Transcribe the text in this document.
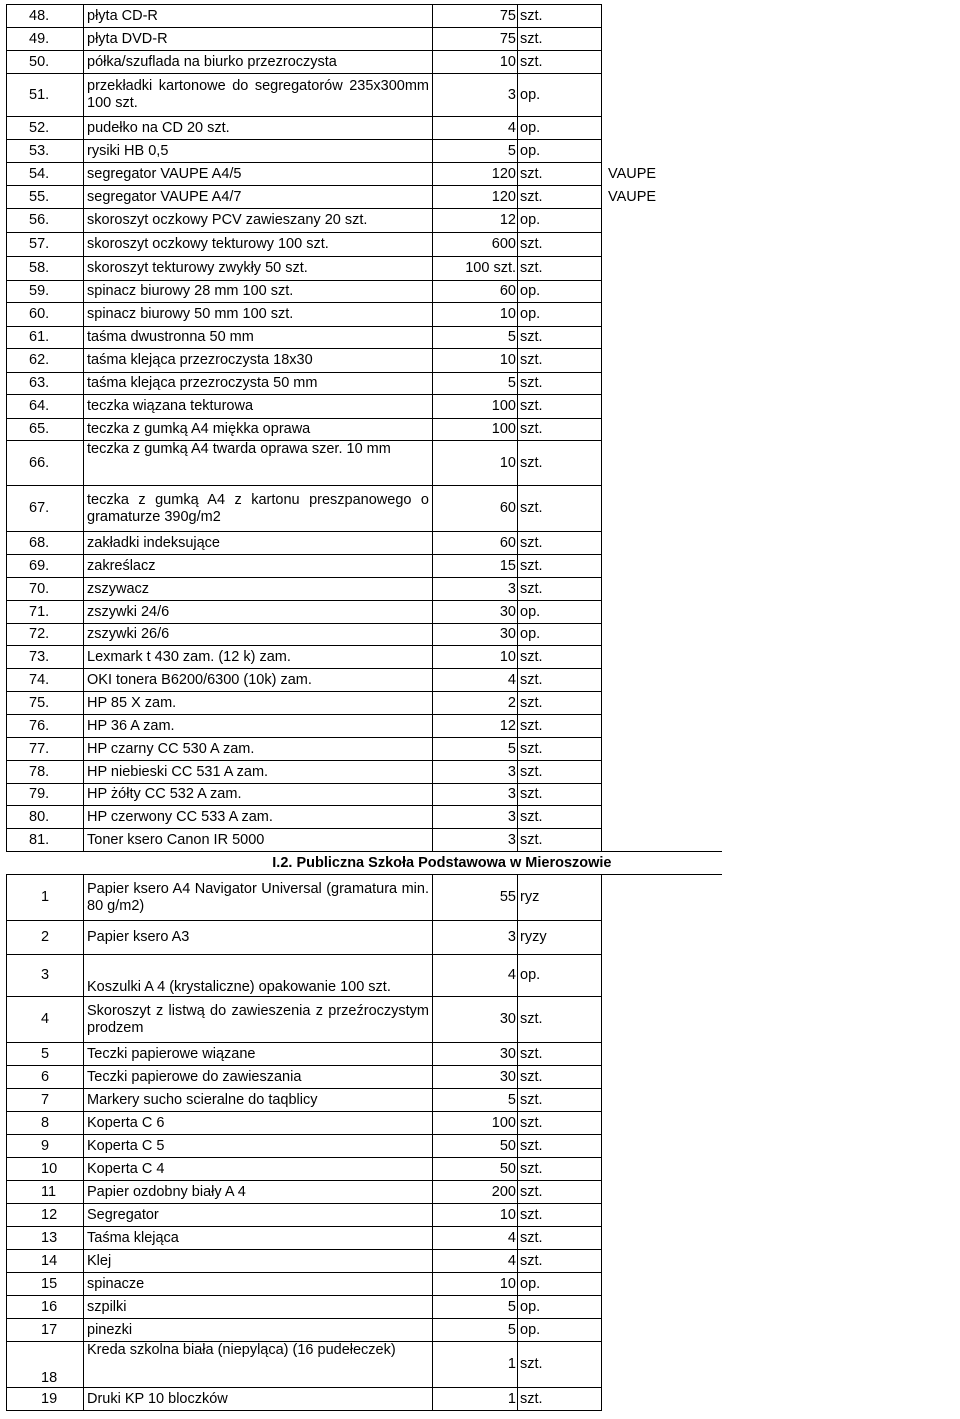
48.	płyta CD-R	75	szt.	
49.	płyta DVD-R	75	szt.	
50.	półka/szuflada na biurko przezroczysta	10	szt.	
51.	przekładki kartonowe do segregatorów 235x300mm 100 szt.	3	op.	
52.	pudełko na CD 20 szt.	4	op.	
53.	rysiki HB 0,5	5	op.	
54.	segregator VAUPE A4/5	120	szt.	VAUPE
55.	segregator VAUPE A4/7	120	szt.	VAUPE
56.	skoroszyt oczkowy PCV zawieszany 20 szt.	12	op.	
57.	skoroszyt oczkowy tekturowy 100 szt.	600	szt.	
58.	skoroszyt tekturowy zwykły 50 szt.	100 szt.	szt.	
59.	spinacz biurowy 28 mm 100 szt.	60	op.	
60.	spinacz biurowy 50 mm 100 szt.	10	op.	
61.	taśma dwustronna 50 mm	5	szt.	
62.	taśma klejąca przezroczysta 18x30	10	szt.	
63.	taśma klejąca przezroczysta 50 mm	5	szt.	
64.	teczka wiązana tekturowa	100	szt.	
65.	teczka z gumką A4 miękka oprawa	100	szt.	
66.	teczka z gumką A4 twarda oprawa szer. 10 mm	10	szt.	
67.	teczka z gumką A4 z kartonu preszpanowego o gramaturze 390g/m2	60	szt.	
68.	zakładki indeksujące	60	szt.	
69.	zakreślacz	15	szt.	
70.	zszywacz	3	szt.	
71.	zszywki 24/6	30	op.	
72.	zszywki 26/6	30	op.	
73.	Lexmark t 430 zam. (12 k) zam.	10	szt.	
74.	OKI tonera B6200/6300 (10k) zam.	4	szt.	
75.	HP 85 X zam.	2	szt.	
76.	HP 36 A zam.	12	szt.	
77.	HP czarny CC 530 A zam.	5	szt.	
78.	HP niebieski CC 531 A zam.	3	szt.	
79.	HP żółty CC 532 A zam.	3	szt.	
80.	HP czerwony CC 533 A zam.	3	szt.	
81.	Toner ksero Canon IR 5000	3	szt.	
I.2. Publiczna Szkoła Podstawowa w Mieroszowie				
1	Papier ksero A4 Navigator Universal (gramatura min. 80 g/m2)	55	ryz	
2	Papier ksero A3	3	ryzy	
3	Koszulki A 4 (krystaliczne) opakowanie 100 szt.	4	op.	
4	Skoroszyt z listwą do zawieszenia z przeźroczystym prodzem	30	szt.	
5	Teczki papierowe wiązane	30	szt.	
6	Teczki papierowe do zawieszania	30	szt.	
7	Markery sucho scieralne do taqblicy	5	szt.	
8	Koperta C 6	100	szt.	
9	Koperta C 5	50	szt.	
10	Koperta C 4	50	szt.	
11	Papier ozdobny biały A 4	200	szt.	
12	Segregator	10	szt.	
13	Taśma klejąca	4	szt.	
14	Klej	4	szt.	
15	spinacze	10	op.	
16	szpilki	5	op.	
17	pinezki	5	op.	
18	Kreda szkolna biała (niepyląca) (16 pudełeczek)	1	szt.	
19	Druki KP 10 bloczków	1	szt.	
